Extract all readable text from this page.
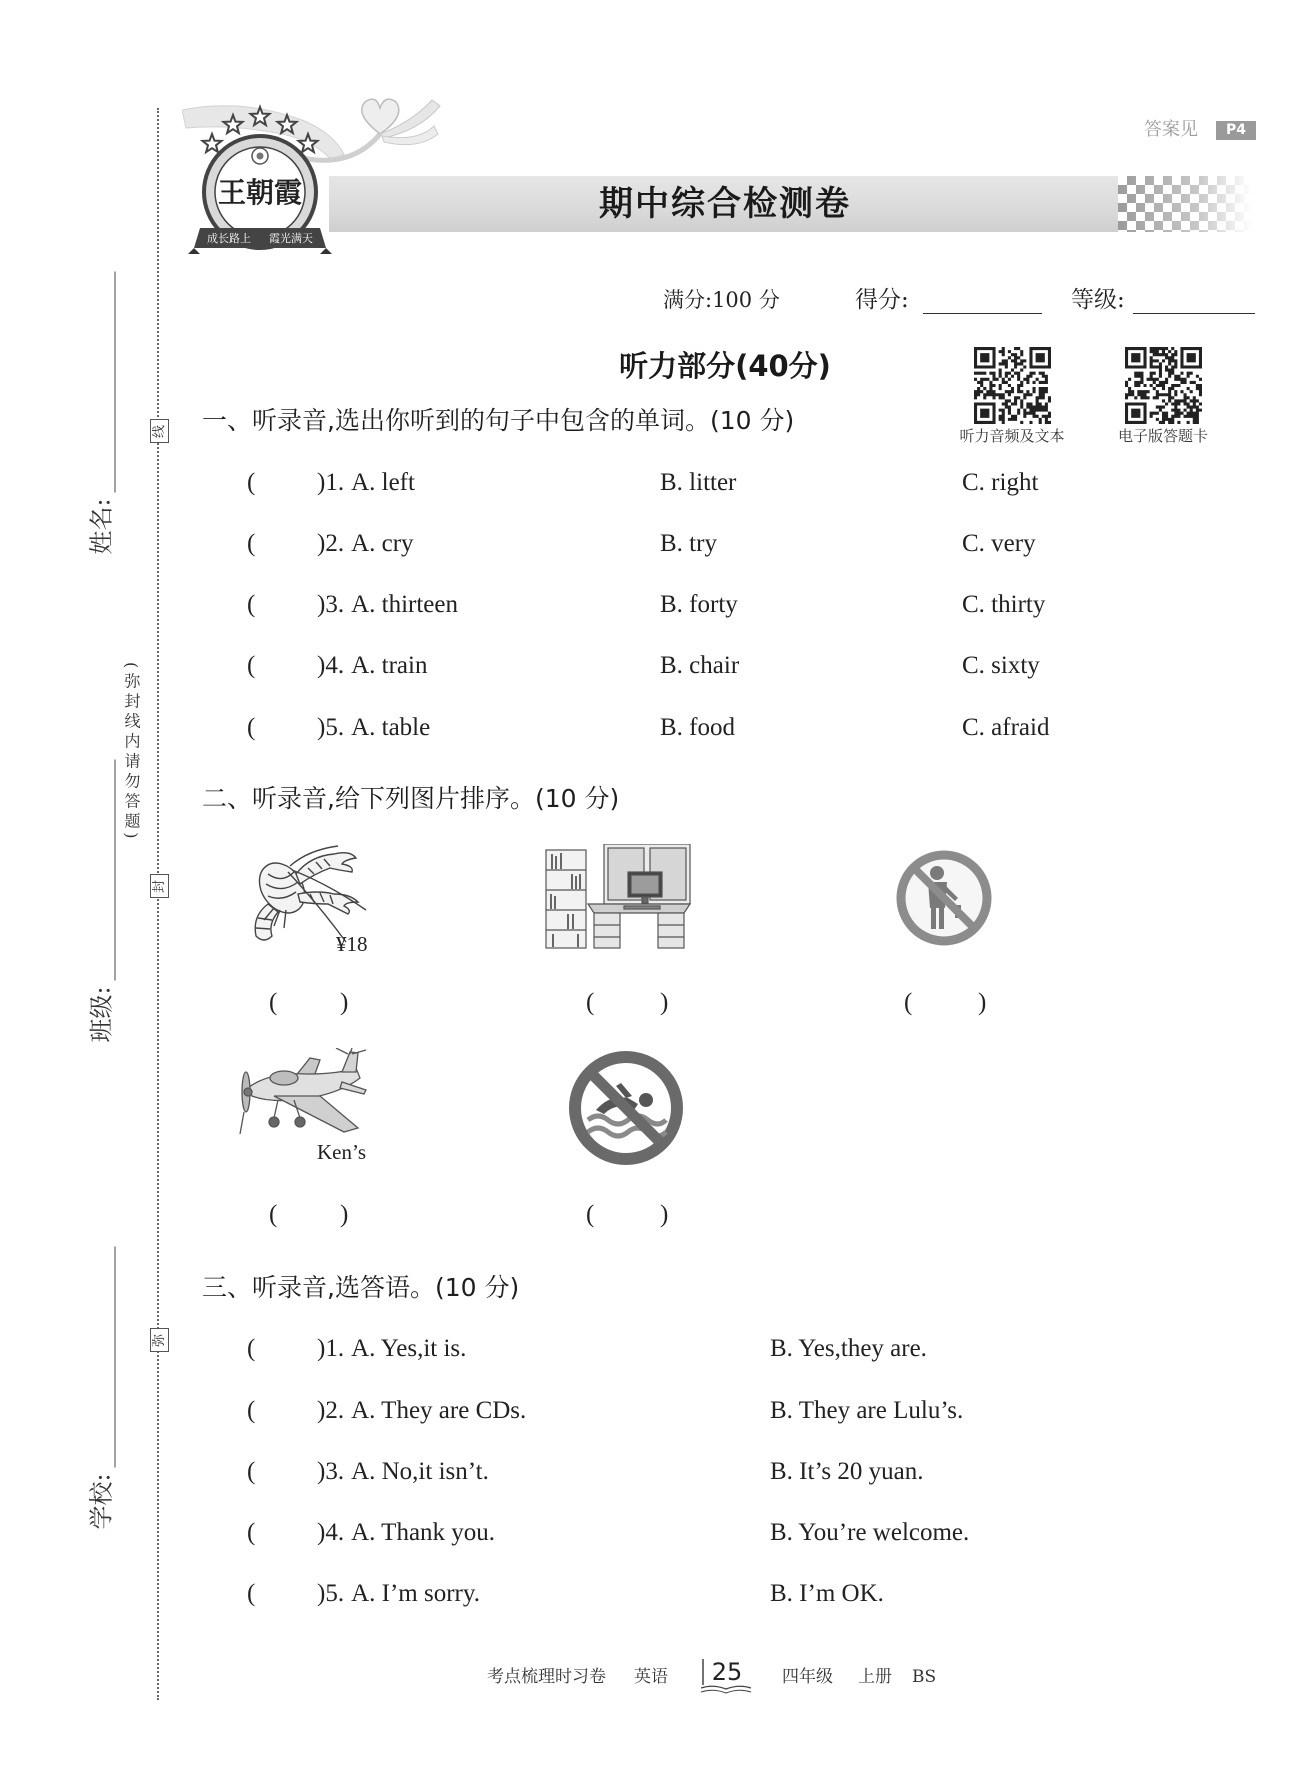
姓名:
班级:
学校:
(弥封线内请勿答题)
线
封
弥
王朝霞
成长路上 霞光满天
期中综合检测卷
答案见	P4
满分:100 分	得分:	等级:
听力部分(40分)
听力音频及文本	电子版答题卡
一、听录音,选出你听到的句子中包含的单词。(10 分)
( )1. A. left	B. litter	C. right
( )2. A. cry	B. try	C. very
( )3. A. thirteen	B. forty	C. thirty
( )4. A. train	B. chair	C. sixty
( )5. A. table	B. food	C. afraid
二、听录音,给下列图片排序。(10 分)
¥18
(	)	(	)	(	)
Ken’s
(	)	(	)
三、听录音,选答语。(10 分)
( )1. A. Yes,it is.	B. Yes,they are.
( )2. A. They are CDs.	B. They are Lulu’s.
( )3. A. No,it isn’t.	B. It’s 20 yuan.
( )4. A. Thank you.	B. You’re welcome.
( )5. A. I’m sorry.	B. I’m OK.
考点梳理时习卷 英语 25	四年级 上册 BS
